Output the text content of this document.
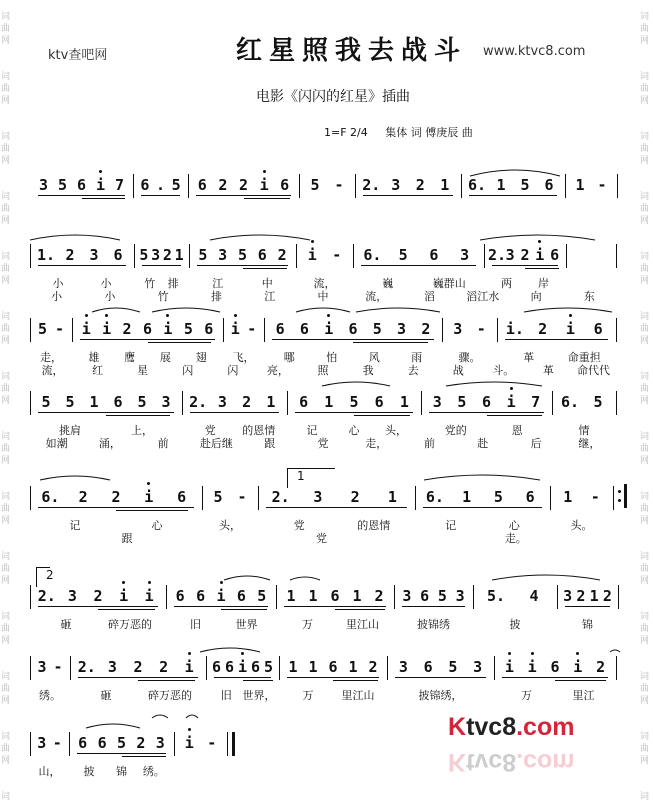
词
曲
网
词
曲
网
词
曲
网
词
曲
网
词
曲
网
词
曲
网
词
曲
网
词
曲
网
词
曲
网
词
曲
网
词
曲
网
词
曲
网
词
曲
网
词
词
曲
网
词
曲
网
词
曲
网
词
曲
网
词
曲
网
词
曲
网
词
曲
网
词
曲
网
词
曲
网
词
曲
网
词
曲
网
词
曲
网
词
曲
网
词
ktv查吧网	红星照我去战斗 www.ktvc8.com
电影《闪闪的红星》插曲
1=F 2/4 集体 词 傅庚辰 曲
3 5 6 i 7	6 . 5	6 2 2 i 6	5 -	2. 3	2	1	6. 1 5 6	1 -
1. 2 3 6
小	小
5 3 2 1
竹	排
5 3 5 6 2
江	中
i	-
流，
6.	5	6	3
巍	巍群山
2. 3 2 i 6
两	岸
小	小	竹	排	江	中	流，	滔	滔江水	向	东
5 -
走，
i i 2 6 i 5 6
雄	鹰	展	翅
i -
飞，
6	6	i	6	5	3	2
哪	怕	风	雨
3 -
骤。
i. 2	i	6
革	命重担
流，	红	星	闪	闪	亮，	照	我	去	战	斗。	革	命代代
5 5 1 6 5 3
挑肩	上，
2. 3	2	1
党	的恩情
6	1	5	6	1
记	心	头，
3	5	6	i	7
党的	恩
6. 5
情
如潮	涌，	前	赴后继	跟	党	走，	前	赴	后	继，
6.	2	2	i	6
记	心
5 -
头，
2.	3	2	1
党	的恩情
6.	1	5	6
记	心
1	-
头。
跟	党	走。
1
2. 3	2	i	i
砸	碎万恶的
6 6 i 6 5
旧	世界
1 1 6 1 2
万	里江山
3 6 5 3
披锦绣
5.	4
披
3 2 1 2
锦
2
3 -
绣。
2. 3	2	2	i
砸	碎万恶的
6 6 i 6 5
旧 世界，
1 1 6 1 2
万	里江山
3	6	5	3
披锦绣，
i i 6 i 2
万	里江
3 -
山，
6 6 5 2 3
披	锦	绣。
i -
Ktvc8.com
Ktvc8.com
